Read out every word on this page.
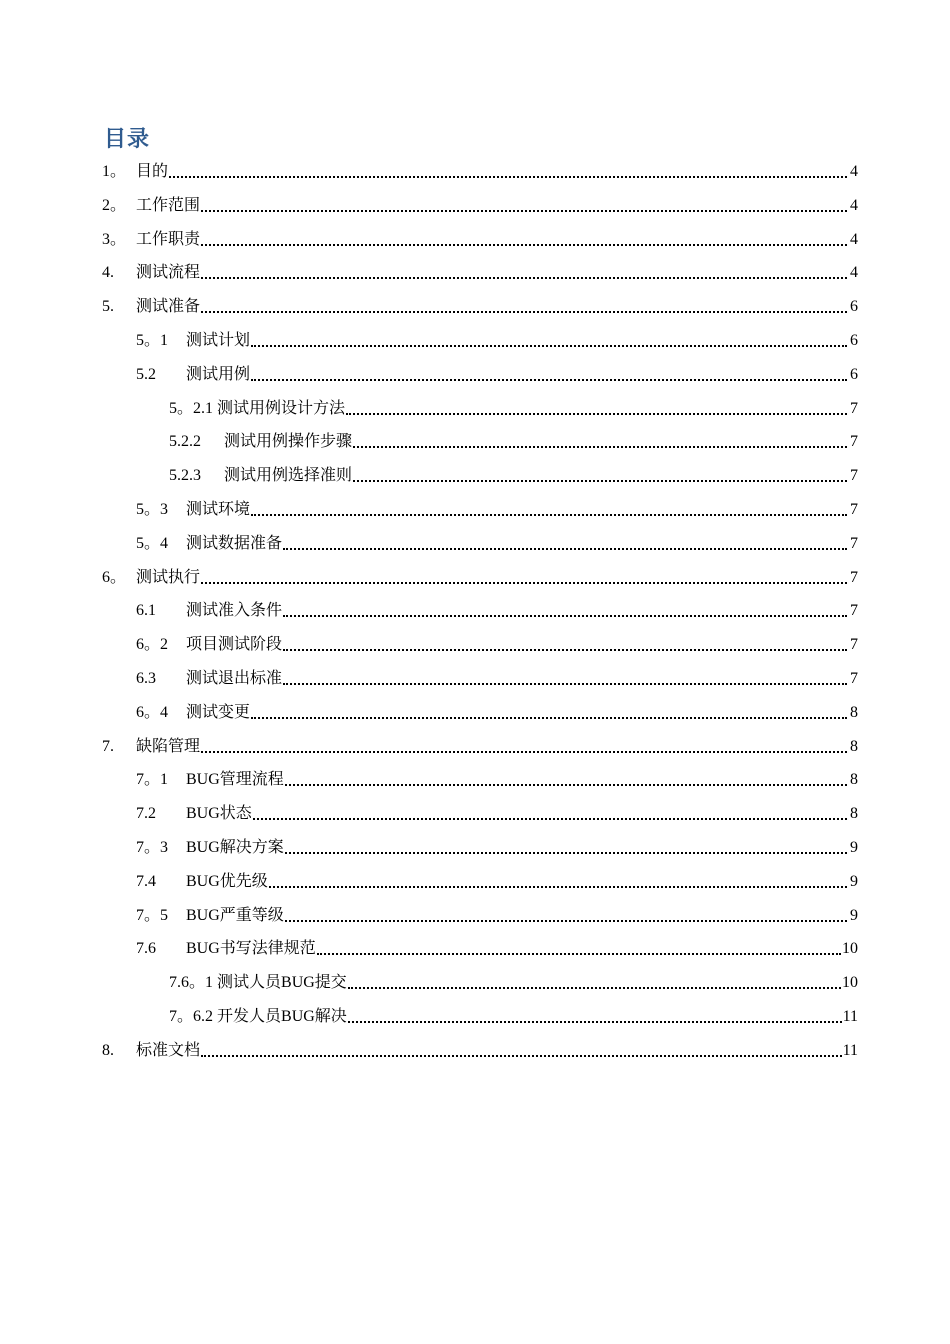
目录
1。 目的	4
2。 工作范围	4
3。 工作职责	4
4.	测试流程	4
5.	测试准备	6
5。1	测试计划	6
5.2	测试用例	6
5。2.1 测试用例设计方法	7
5.2.2	测试用例操作步骤	7
5.2.3	测试用例选择准则	7
5。3	测试环境	7
5。4	测试数据准备	7
6。 测试执行	7
6.1	测试准入条件	7
6。2	项目测试阶段	7
6.3	测试退出标准	7
6。4	测试变更	8
7.	缺陷管理	8
7。1	BUG管理流程	8
7.2	BUG状态	8
7。3	BUG解决方案	9
7.4	BUG优先级	9
7。5	BUG严重等级	9
7.6	BUG书写法律规范	10
7.6。1 测试人员BUG提交	10
7。6.2 开发人员BUG解决	11
8.	标准文档	11
